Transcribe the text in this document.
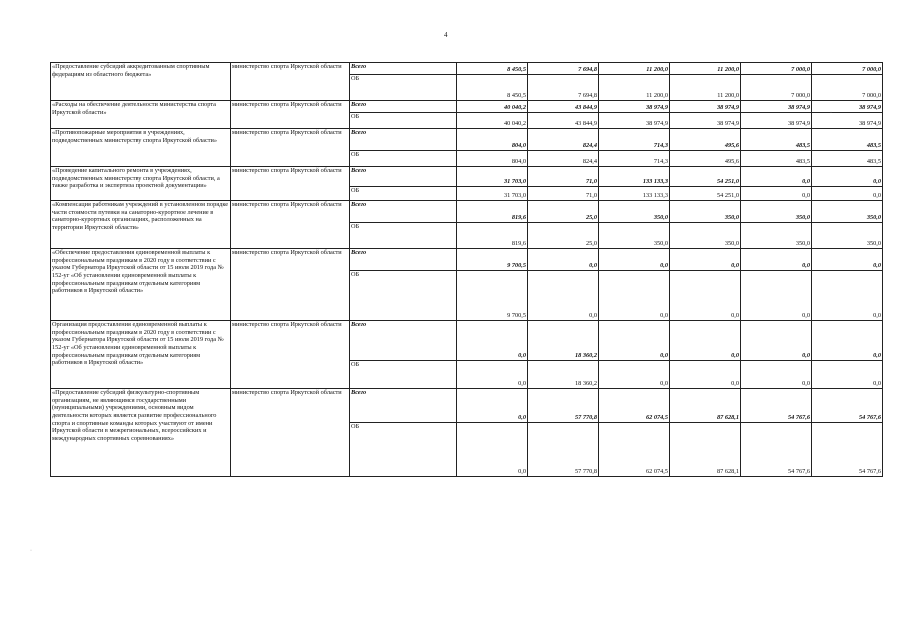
4
«Предоставление субсидий аккредитованным спортивным федерациям из областного бюджета»	министерство спорта Иркутской области	Всего	8 450,5	7 694,8	11 200,0	11 200,0	7 000,0	7 000,0
		ОБ	8 450,5	7 694,8	11 200,0	11 200,0	7 000,0	7 000,0
«Расходы на обеспечение деятельности министерства спорта Иркутской области»	министерство спорта Иркутской области	Всего	40 040,2	43 844,9	38 974,9	38 974,9	38 974,9	38 974,9
		ОБ	40 040,2	43 844,9	38 974,9	38 974,9	38 974,9	38 974,9
«Противопожарные мероприятия в учреждениях, подведомственных министерству спорта Иркутской области»	министерство спорта Иркутской области	Всего	804,0	824,4	714,3	495,6	483,5	483,5
		ОБ	804,0	824,4	714,3	495,6	483,5	483,5
«Проведение капитального ремонта в учреждениях, подведомственных министерству спорта Иркутской области, а также разработка и экспертиза проектной документации»	министерство спорта Иркутской области	Всего	31 703,0	71,0	133 133,3	54 251,0	0,0	0,0
		ОБ	31 703,0	71,0	133 133,3	54 251,0	0,0	0,0
«Компенсация работникам учреждений в установленном порядке части стоимости путевки на санаторно-курортное лечение в санаторно-курортных организациях, расположенных на территории Иркутской области»	министерство спорта Иркутской области	Всего	819,6	25,0	350,0	350,0	350,0	350,0
		ОБ	819,6	25,0	350,0	350,0	350,0	350,0
«Обеспечение предоставления единовременной выплаты к профессиональным праздникам в 2020 году в соответствии с указом Губернатора Иркутской области от 15 июля 2019 года № 152-уг «Об установлении единовременной выплаты к профессиональным праздникам отдельным категориям работников в Иркутской области»	министерство спорта Иркутской области	Всего	9 700,5	0,0	0,0	0,0	0,0	0,0
		ОБ	9 700,5	0,0	0,0	0,0	0,0	0,0
Организация предоставления единовременной выплаты к профессиональным праздникам в 2020 году в соответствии с указом Губернатора Иркутской области от 15 июля 2019 года № 152-уг «Об установлении единовременной выплаты к профессиональным праздникам отдельным категориям работников в Иркутской области»	министерство спорта Иркутской области	Всего	0,0	18 360,2	0,0	0,0	0,0	0,0
		ОБ	0,0	18 360,2	0,0	0,0	0,0	0,0
«Предоставление субсидий физкультурно-спортивным организациям, не являющимся государственными (муниципальными) учреждениями, основным видом деятельности которых является развитие профессионального спорта и спортивные команды которых участвуют от имени Иркутской области в межрегиональных, всероссийских и международных спортивных соревнованиях»	министерство спорта Иркутской области	Всего	0,0	57 770,8	62 074,5	87 628,1	54 767,6	54 767,6
		ОБ	0,0	57 770,8	62 074,5	87 628,1	54 767,6	54 767,6
·
·
